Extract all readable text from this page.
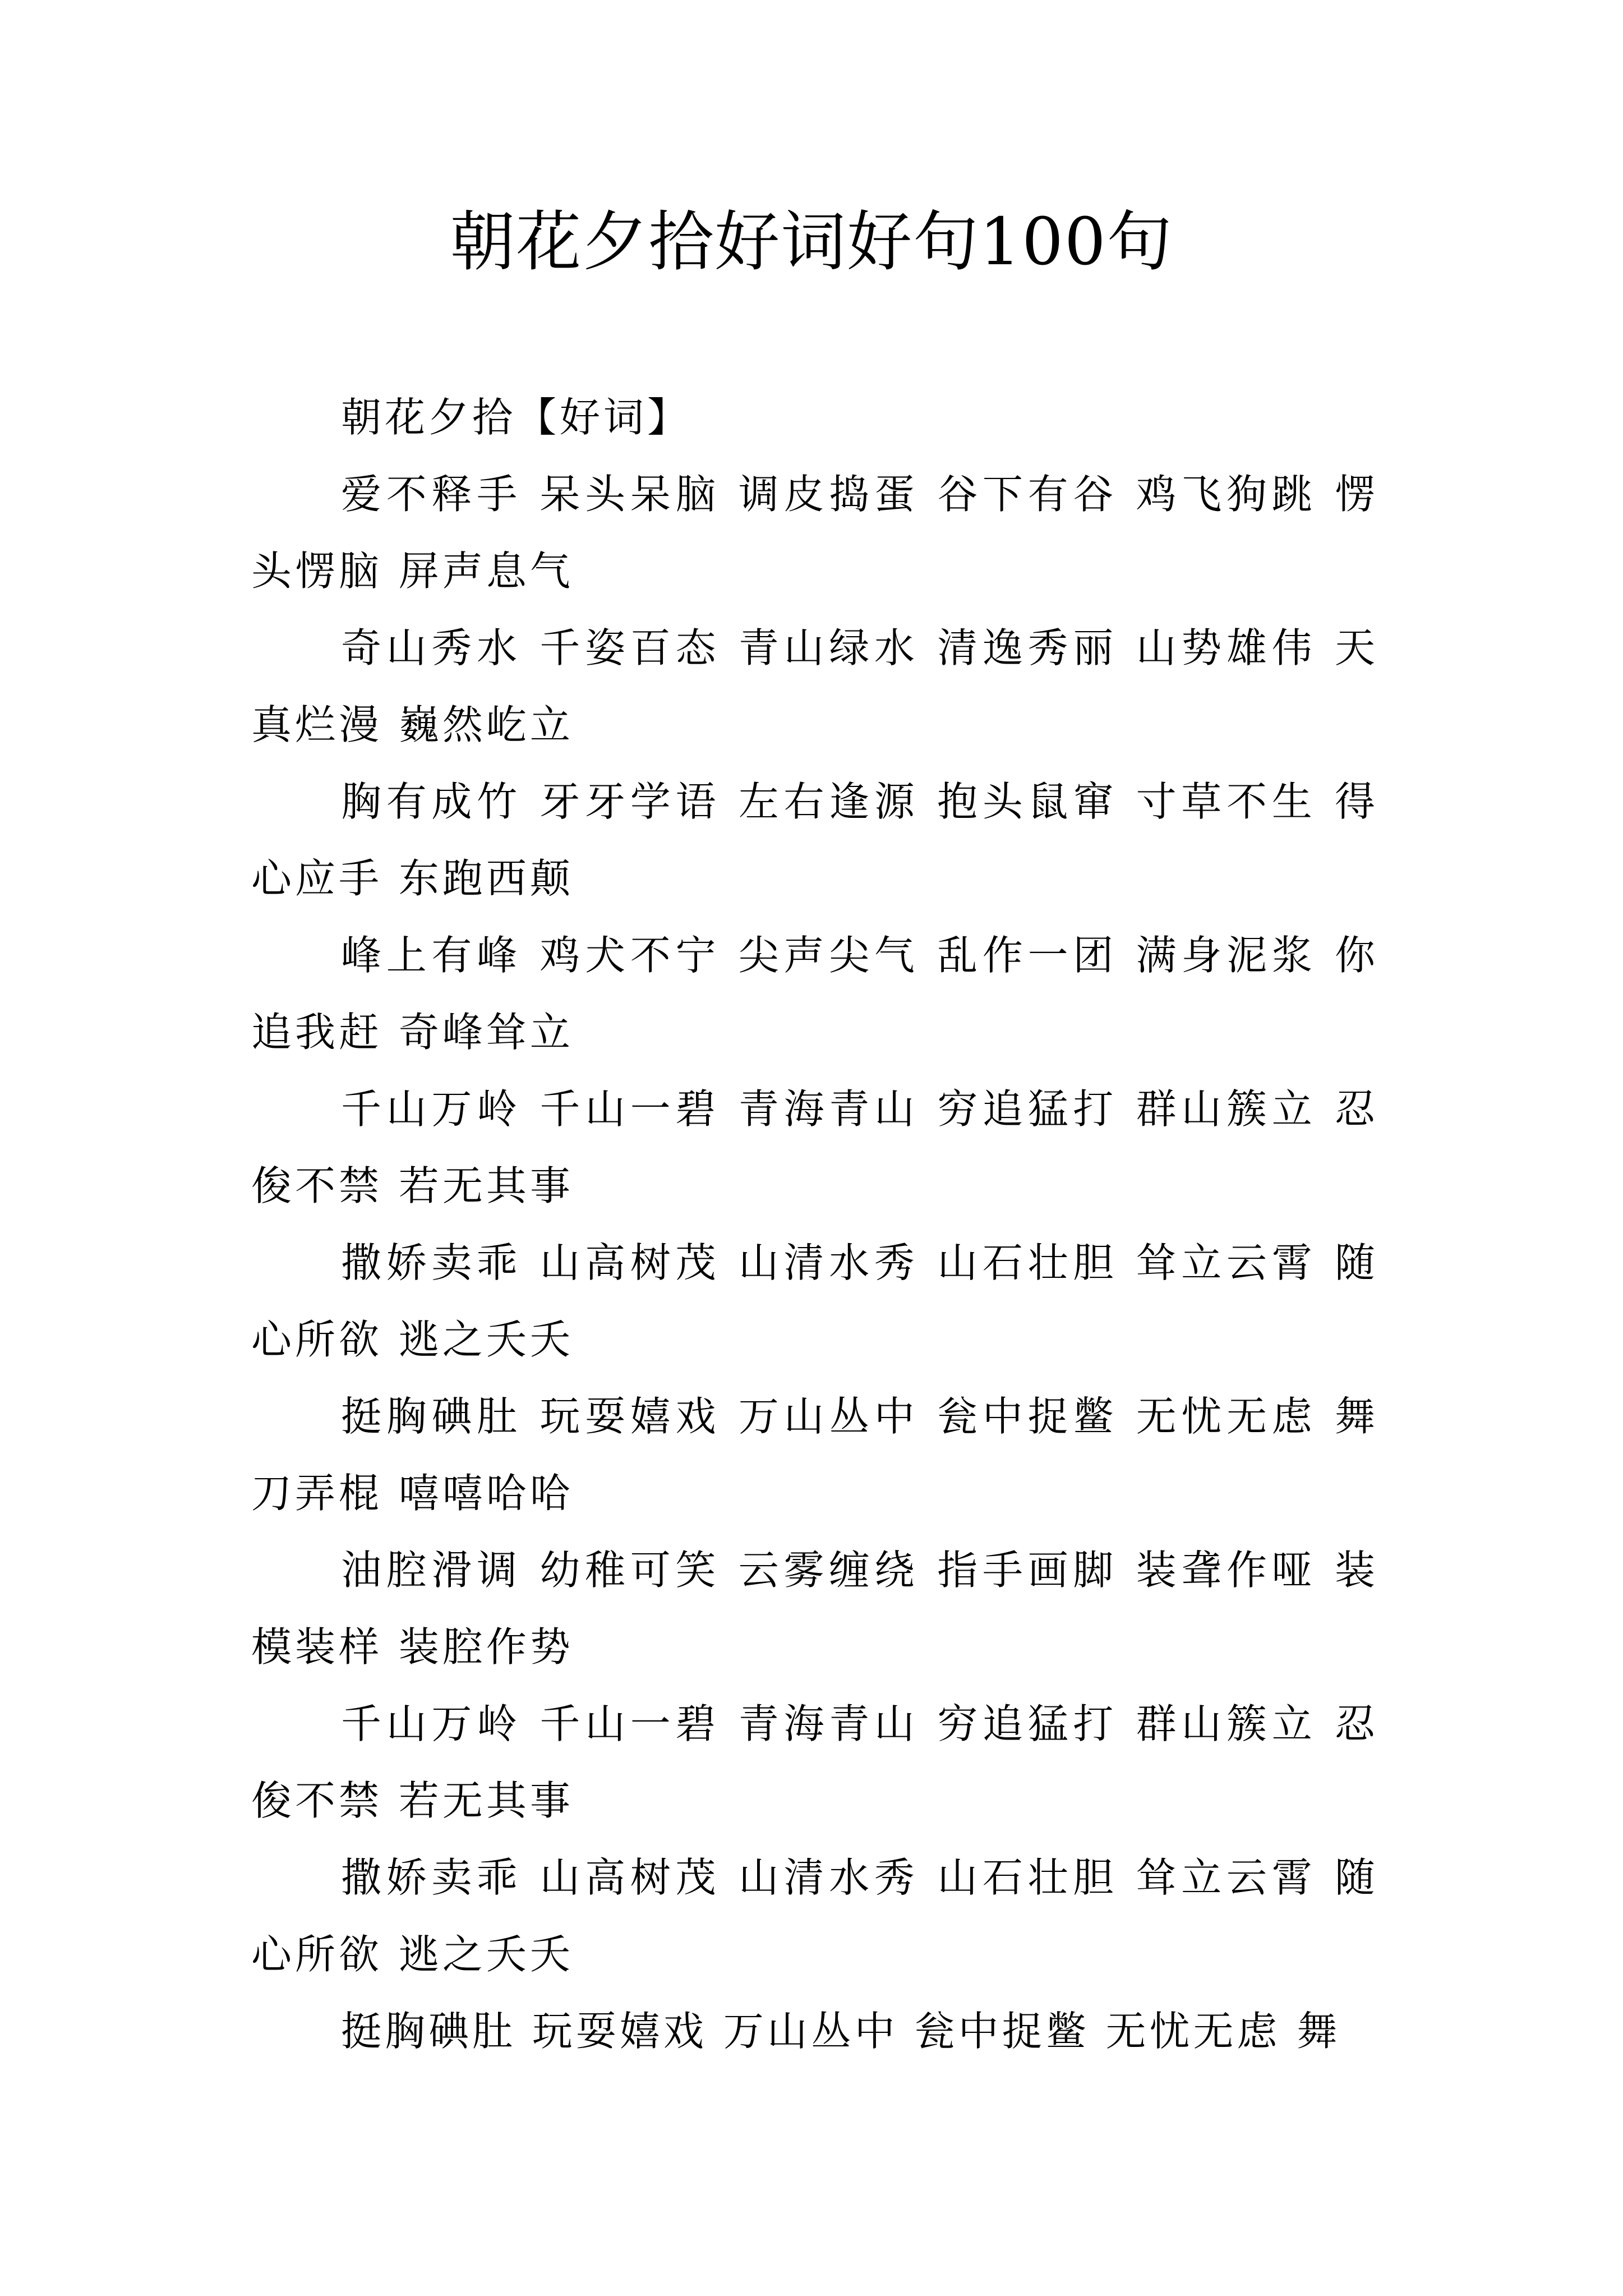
朝花夕拾好词好句100句

朝花夕拾【好词】

爱不释手 呆头呆脑 调皮捣蛋 谷下有谷 鸡飞狗跳 愣头愣脑 屏声息气

奇山秀水 千姿百态 青山绿水 清逸秀丽 山势雄伟 天真烂漫 巍然屹立

胸有成竹 牙牙学语 左右逢源 抱头鼠窜 寸草不生 得心应手 东跑西颠

峰上有峰 鸡犬不宁 尖声尖气 乱作一团 满身泥浆 你追我赶 奇峰耸立

千山万岭 千山一碧 青海青山 穷追猛打 群山簇立 忍俊不禁 若无其事

撒娇卖乖 山高树茂 山清水秀 山石壮胆 耸立云霄 随心所欲 逃之夭夭

挺胸碘肚 玩耍嬉戏 万山丛中 瓮中捉鳖 无忧无虑 舞刀弄棍 嘻嘻哈哈

油腔滑调 幼稚可笑 云雾缠绕 指手画脚 装聋作哑 装模装样 装腔作势

千山万岭 千山一碧 青海青山 穷追猛打 群山簇立 忍俊不禁 若无其事

撒娇卖乖 山高树茂 山清水秀 山石壮胆 耸立云霄 随心所欲 逃之夭夭

挺胸碘肚 玩耍嬉戏 万山丛中 瓮中捉鳖 无忧无虑 舞
